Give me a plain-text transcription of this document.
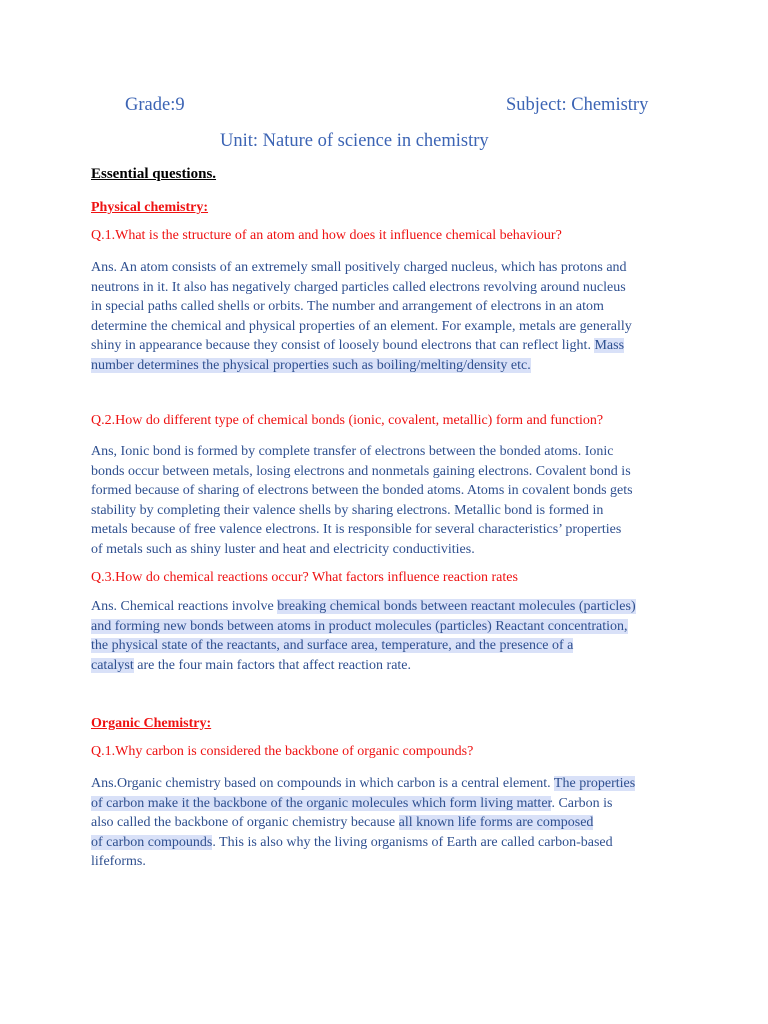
Grade:9	Subject: Chemistry
Unit: Nature of science in chemistry
Essential questions.
Physical chemistry:
Q.1.What is the structure of an atom and how does it influence chemical behaviour?
Ans. An atom consists of an extremely small positively charged nucleus, which has protons and
neutrons in it. It also has negatively charged particles called electrons revolving around nucleus
in special paths called shells or orbits. The number and arrangement of electrons in an atom
determine the chemical and physical properties of an element. For example, metals are generally
shiny in appearance because they consist of loosely bound electrons that can reflect light. Mass
number determines the physical properties such as boiling/melting/density etc.
Q.2.How do different type of chemical bonds (ionic, covalent, metallic) form and function?
Ans, Ionic bond is formed by complete transfer of electrons between the bonded atoms. Ionic
bonds occur between metals, losing electrons and nonmetals gaining electrons. Covalent bond is
formed because of sharing of electrons between the bonded atoms. Atoms in covalent bonds gets
stability by completing their valence shells by sharing electrons. Metallic bond is formed in
metals because of free valence electrons. It is responsible for several characteristics’ properties
of metals such as shiny luster and heat and electricity conductivities.
Q.3.How do chemical reactions occur? What factors influence reaction rates
Ans. Chemical reactions involve breaking chemical bonds between reactant molecules (particles)
and forming new bonds between atoms in product molecules (particles) Reactant concentration,
the physical state of the reactants, and surface area, temperature, and the presence of a
catalyst are the four main factors that affect reaction rate.
Organic Chemistry:
Q.1.Why carbon is considered the backbone of organic compounds?
Ans.Organic chemistry based on compounds in which carbon is a central element. The properties
of carbon make it the backbone of the organic molecules which form living matter. Carbon is
also called the backbone of organic chemistry because all known life forms are composed
of carbon compounds. This is also why the living organisms of Earth are called carbon-based
lifeforms.
